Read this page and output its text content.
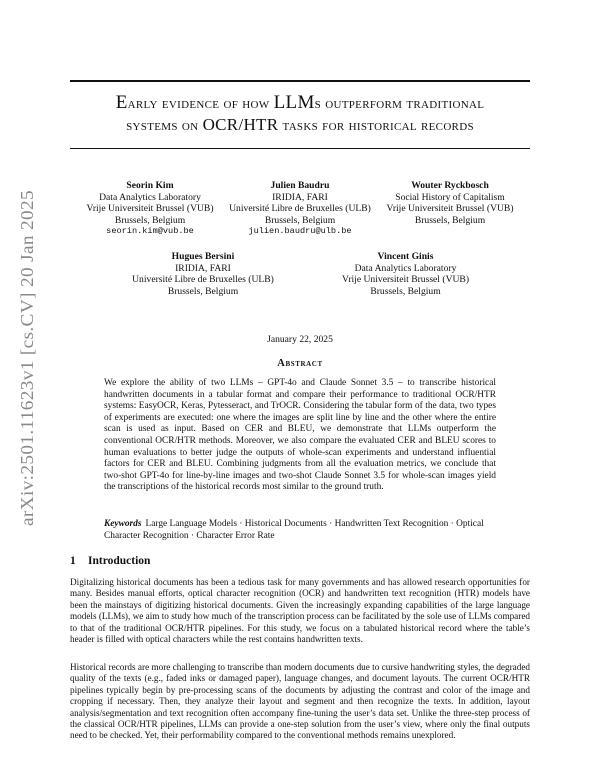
arXiv:2501.11623v1 [cs.CV] 20 Jan 2025
Early evidence of how LLMs outperform traditional
systems on OCR/HTR tasks for historical records
Seorin Kim
Data Analytics Laboratory
Vrije Universiteit Brussel (VUB)
Brussels, Belgium
seorin.kim@vub.be
Julien Baudru
IRIDIA, FARI
Université Libre de Bruxelles (ULB)
Brussels, Belgium
julien.baudru@ulb.be
Wouter Ryckbosch
Social History of Capitalism
Vrije Universiteit Brussel (VUB)
Brussels, Belgium
Hugues Bersini
IRIDIA, FARI
Université Libre de Bruxelles (ULB)
Brussels, Belgium
Vincent Ginis
Data Analytics Laboratory
Vrije Universiteit Brussel (VUB)
Brussels, Belgium
January 22, 2025
Abstract
We explore the ability of two LLMs – GPT-4o and Claude Sonnet 3.5 – to transcribe historical handwritten documents in a tabular format and compare their performance to traditional OCR/HTR systems: EasyOCR, Keras, Pytesseract, and TrOCR. Considering the tabular form of the data, two types of experiments are executed: one where the images are split line by line and the other where the entire scan is used as input. Based on CER and BLEU, we demonstrate that LLMs outperform the conventional OCR/HTR methods. Moreover, we also compare the evaluated CER and BLEU scores to human evaluations to better judge the outputs of whole-scan experiments and understand influential factors for CER and BLEU. Combining judgments from all the evaluation metrics, we conclude that two-shot GPT-4o for line-by-line images and two-shot Claude Sonnet 3.5 for whole-scan images yield the transcriptions of the historical records most similar to the ground truth.
Keywords Large Language Models · Historical Documents · Handwritten Text Recognition · Optical Character Recognition · Character Error Rate
1 Introduction
Digitalizing historical documents has been a tedious task for many governments and has allowed research opportunities for many. Besides manual efforts, optical character recognition (OCR) and handwritten text recognition (HTR) models have been the mainstays of digitizing historical documents. Given the increasingly expanding capabilities of the large language models (LLMs), we aim to study how much of the transcription process can be facilitated by the sole use of LLMs compared to that of the traditional OCR/HTR pipelines. For this study, we focus on a tabulated historical record where the table’s header is filled with optical characters while the rest contains handwritten texts.
Historical records are more challenging to transcribe than modern documents due to cursive handwriting styles, the degraded quality of the texts (e.g., faded inks or damaged paper), language changes, and document layouts. The current OCR/HTR pipelines typically begin by pre-processing scans of the documents by adjusting the contrast and color of the image and cropping if necessary. Then, they analyze their layout and segment and then recognize the texts. In addition, layout analysis/segmentation and text recognition often accompany fine-tuning the user’s data set. Unlike the three-step process of the classical OCR/HTR pipelines, LLMs can provide a one-step solution from the user’s view, where only the final outputs need to be checked. Yet, their performability compared to the conventional methods remains unexplored.
